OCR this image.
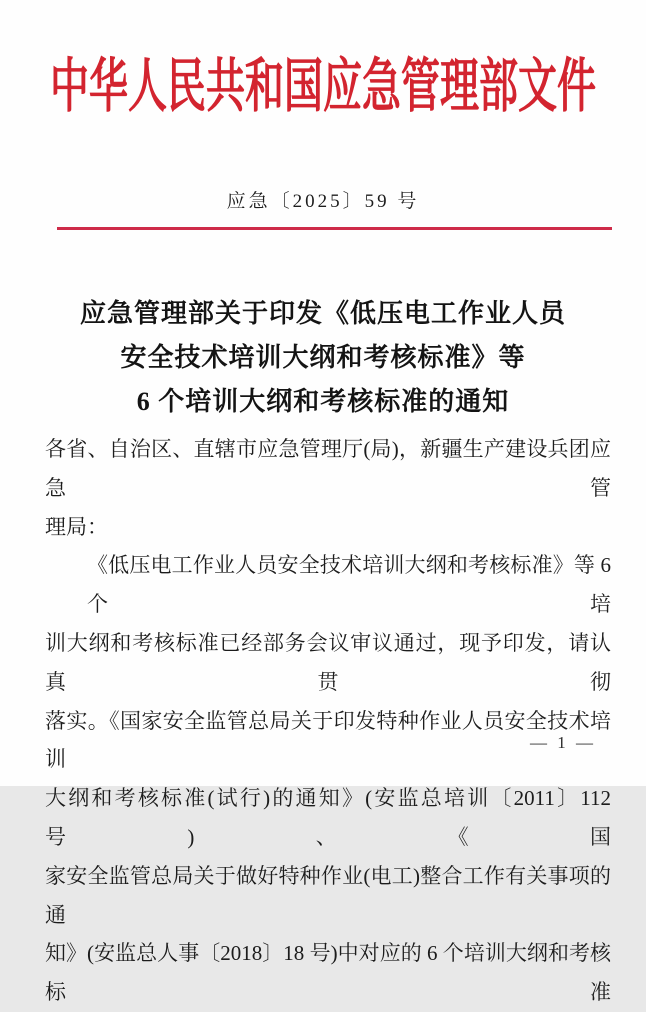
中华人民共和国应急管理部文件
应急〔2025〕59 号
应急管理部关于印发《低压电工作业人员
安全技术培训大纲和考核标准》等
6 个培训大纲和考核标准的通知
各省、自治区、直辖市应急管理厅(局)，新疆生产建设兵团应急管
理局：
《低压电工作业人员安全技术培训大纲和考核标准》等 6 个培
训大纲和考核标准已经部务会议审议通过，现予印发，请认真贯彻
落实。《国家安全监管总局关于印发特种作业人员安全技术培训
大纲和考核标准(试行)的通知》(安监总培训〔2011〕112 号)、《国
家安全监管总局关于做好特种作业(电工)整合工作有关事项的通
知》(安监总人事〔2018〕18 号)中对应的 6 个培训大纲和考核标准
— 1 —
